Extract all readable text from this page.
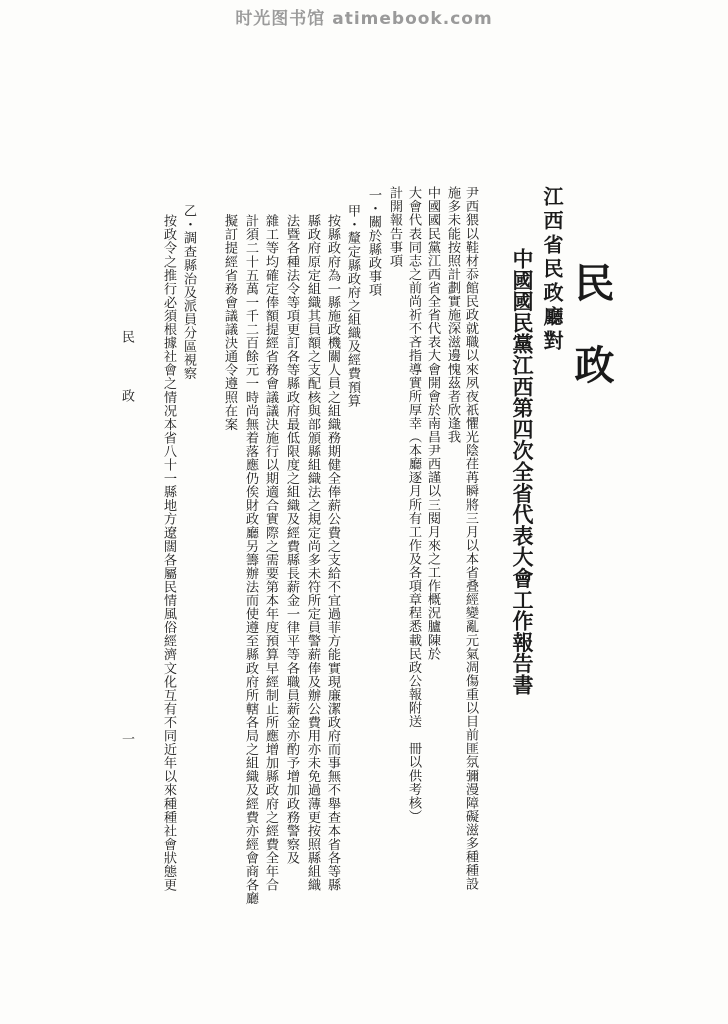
时光图书馆 atimebook.com
民政
中國國民黨江西第四次全省代表大會工作報告書 江西省民政廳對
尹西猥以鞋材忝館民政就職以來夙夜祇懼光陰荏苒瞬將三月以本省叠經變亂元氣凋傷重以目前匪氛彌漫障礙滋多種種設
施多未能按照計劃實施深滋邊愧茲者欣逢我
中國國民黨江西省全省代表大會開會於南昌尹西謹以三閱月來之工作概況臚陳於
大會代表同志之前尚祈不吝指導實所厚幸（本廳逐月所有工作及各項章程悉載民政公報附送　冊以供考核）
計開報告事項
一・關於縣政事項
甲・釐定縣政府之組織及經費預算
按縣政府為一縣施政機關人員之組織務期健全俸薪公費之支給不宜過菲方能實現廉潔政府而事無不舉查本省各等縣
縣政府原定組織其員額之支配核與部頒縣組織法之規定尚多未符所定員警薪俸及辦公費用亦未免過薄更按照縣組織
法暨各種法令等項更訂各等縣政府最低限度之組織及經費縣長薪金一律平等各職員薪金亦酌予增加政務警察及
雜工等均確定俸額提經省務會議議決施行以期適合實際之需要第本年度預算早經制止所應增加縣政府之經費全年合
計須二十五萬一千二百餘元一時尚無着落應仍俟財政廳另籌辦法而使遵至縣政府所轄各局之組織及經費亦經會商各廳
擬訂提經省務會議議決通令遵照在案
乙・調查縣治及派員分區視察
按政令之推行必須根據社會之情况本省八十一縣地方遼闊各屬民情風俗經濟文化互有不同近年以來種種社會狀態更
民政
一
